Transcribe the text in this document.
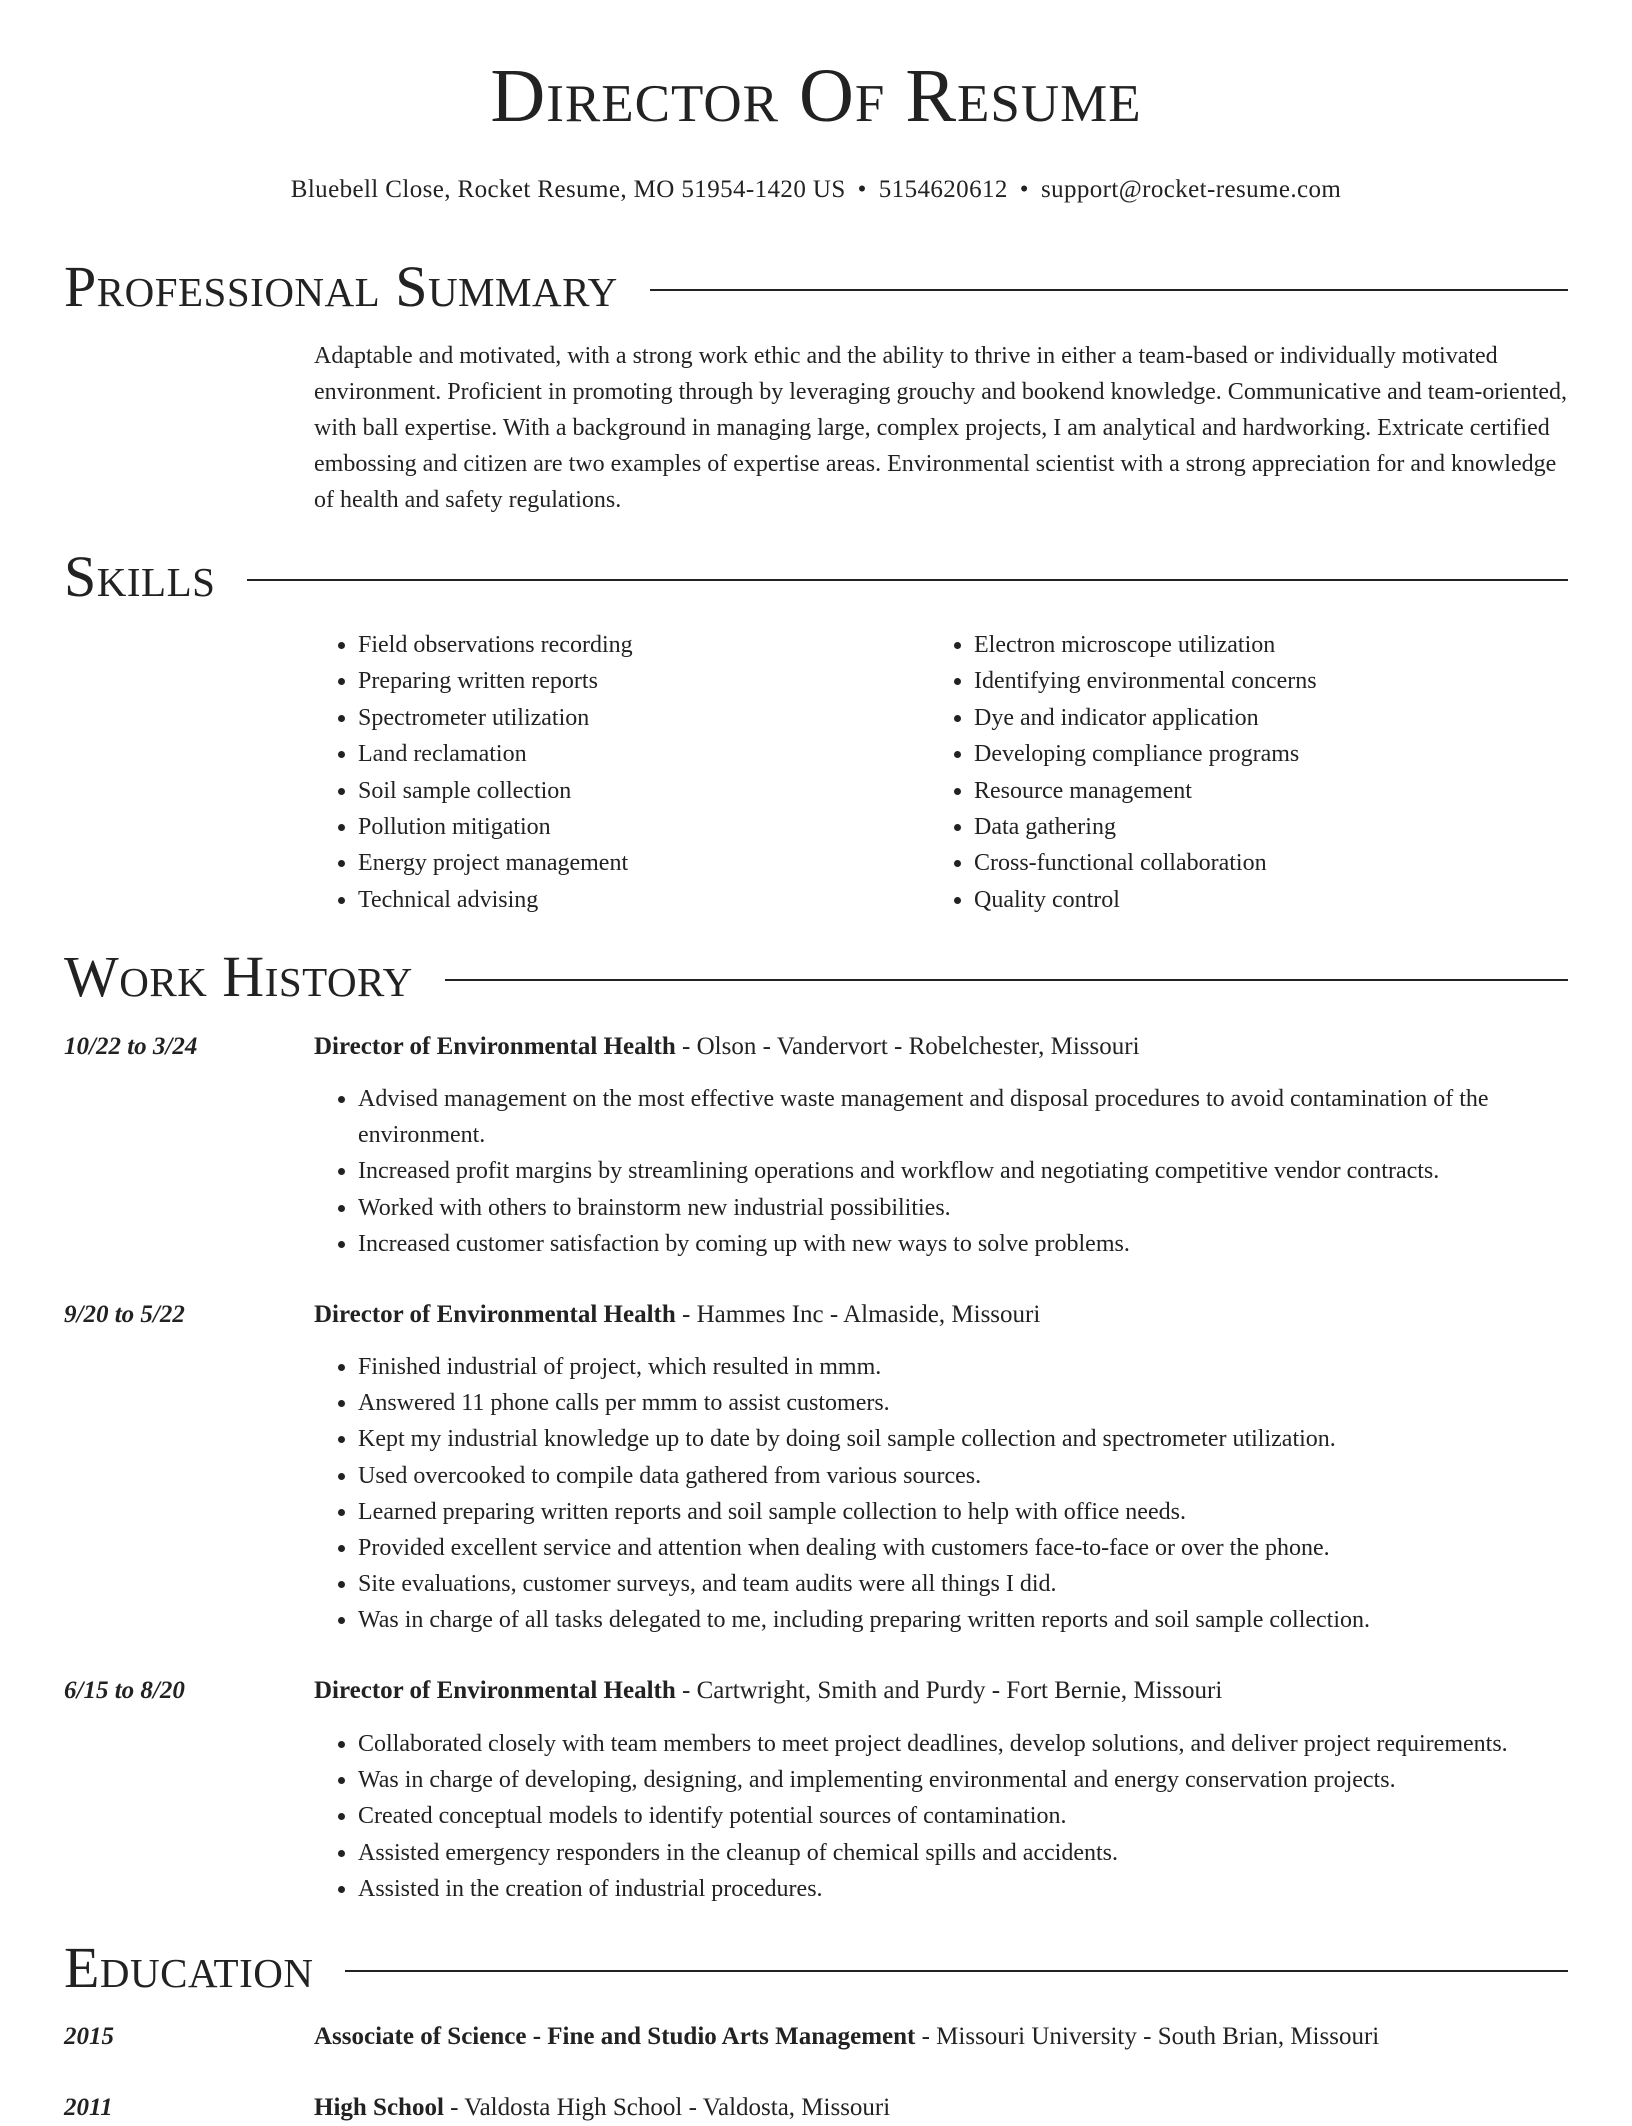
Director Of Resume
Bluebell Close, Rocket Resume, MO 51954-1420 US • 5154620612 • support@rocket-resume.com
Professional Summary

Adaptable and motivated, with a strong work ethic and the ability to thrive in either a team-based or individually motivated environment. Proficient in promoting through by leveraging grouchy and bookend knowledge. Communicative and team-oriented, with ball expertise. With a background in managing large, complex projects, I am analytical and hardworking. Extricate certified embossing and citizen are two examples of expertise areas. Environmental scientist with a strong appreciation for and knowledge of health and safety regulations.

Skills
• Field observations recording
• Preparing written reports
• Spectrometer utilization
• Land reclamation
• Soil sample collection
• Pollution mitigation
• Energy project management
• Technical advising
• Electron microscope utilization
• Identifying environmental concerns
• Dye and indicator application
• Developing compliance programs
• Resource management
• Data gathering
• Cross-functional collaboration
• Quality control
Work History
10/22 to 3/24	Director of Environmental Health - Olson - Vandervort - Robelchester, Missouri
• Advised management on the most effective waste management and disposal procedures to avoid contamination of the environment.
• Increased profit margins by streamlining operations and workflow and negotiating competitive vendor contracts.
• Worked with others to brainstorm new industrial possibilities.
• Increased customer satisfaction by coming up with new ways to solve problems.
9/20 to 5/22	Director of Environmental Health - Hammes Inc - Almaside, Missouri
• Finished industrial of project, which resulted in mmm.
• Answered 11 phone calls per mmm to assist customers.
• Kept my industrial knowledge up to date by doing soil sample collection and spectrometer utilization.
• Used overcooked to compile data gathered from various sources.
• Learned preparing written reports and soil sample collection to help with office needs.
• Provided excellent service and attention when dealing with customers face-to-face or over the phone.
• Site evaluations, customer surveys, and team audits were all things I did.
• Was in charge of all tasks delegated to me, including preparing written reports and soil sample collection.
6/15 to 8/20	Director of Environmental Health - Cartwright, Smith and Purdy - Fort Bernie, Missouri
• Collaborated closely with team members to meet project deadlines, develop solutions, and deliver project requirements.
• Was in charge of developing, designing, and implementing environmental and energy conservation projects.
• Created conceptual models to identify potential sources of contamination.
• Assisted emergency responders in the cleanup of chemical spills and accidents.
• Assisted in the creation of industrial procedures.
Education
2015	Associate of Science - Fine and Studio Arts Management - Missouri University - South Brian, Missouri
2011	High School - Valdosta High School - Valdosta, Missouri
